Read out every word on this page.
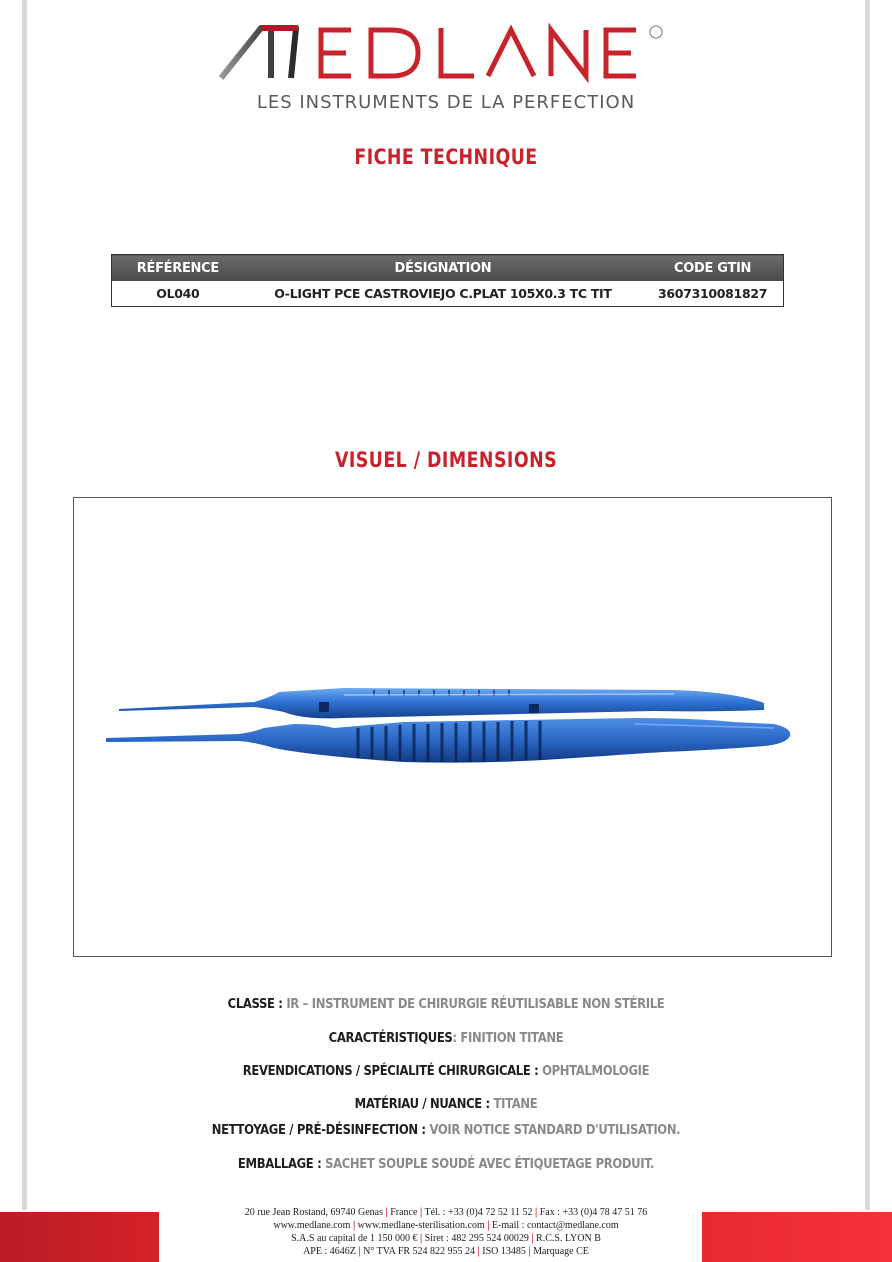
LES INSTRUMENTS DE LA PERFECTION
FICHE TECHNIQUE
RÉFÉRENCE	DÉSIGNATION	CODE GTIN
OL040	O-LIGHT PCE CASTROVIEJO C.PLAT 105X0.3 TC TIT	3607310081827
VISUEL / DIMENSIONS
CLASSE : IR – INSTRUMENT DE CHIRURGIE RÉUTILISABLE NON STÉRILE
CARACTÉRISTIQUES: FINITION TITANE
REVENDICATIONS / SPÉCIALITÉ CHIRURGICALE : OPHTALMOLOGIE
MATÉRIAU / NUANCE : TITANE
NETTOYAGE / PRÉ-DÉSINFECTION : VOIR NOTICE STANDARD D'UTILISATION.
EMBALLAGE : SACHET SOUPLE SOUDÉ AVEC ÉTIQUETAGE PRODUIT.
20 rue Jean Rostand, 69740 Genas | France | Tél. : +33 (0)4 72 52 11 52 | Fax : +33 (0)4 78 47 51 76
www.medlane.com | www.medlane-sterilisation.com | E-mail : contact@medlane.com
S.A.S au capital de 1 150 000 € | Siret : 482 295 524 00029 | R.C.S. LYON B
APE : 4646Z | N° TVA FR 524 822 955 24 | ISO 13485 | Marquage CE
